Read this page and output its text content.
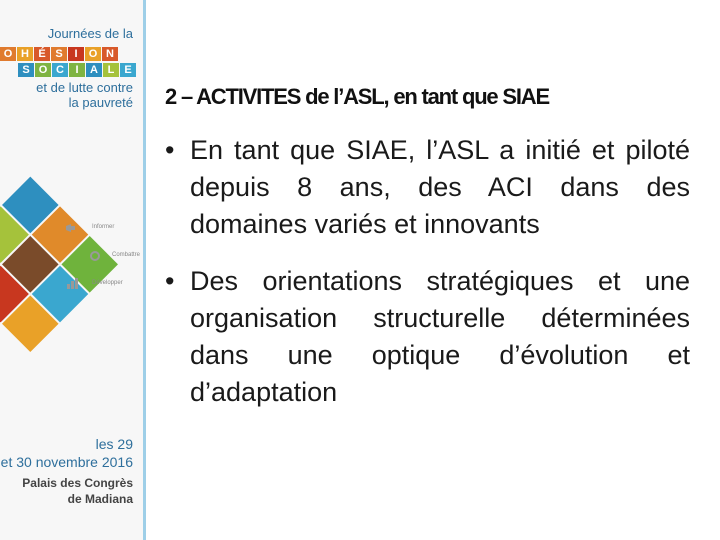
Journées de la
O H É S	I	O N
S O C	I	A L E
et de lutte contre
la pauvreté
Informer
Combattre
Développer
les 29
et 30 novembre 2016
Palais des Congrès
de Madiana
2 – ACTIVITES de l’ASL, en tant que SIAE
• En tant que SIAE, l’ASL a initié et piloté depuis 8 ans, des ACI dans des domaines variés et innovants
• Des orientations stratégiques et une organisation structurelle déterminées dans une optique d’évolution et d’adaptation
